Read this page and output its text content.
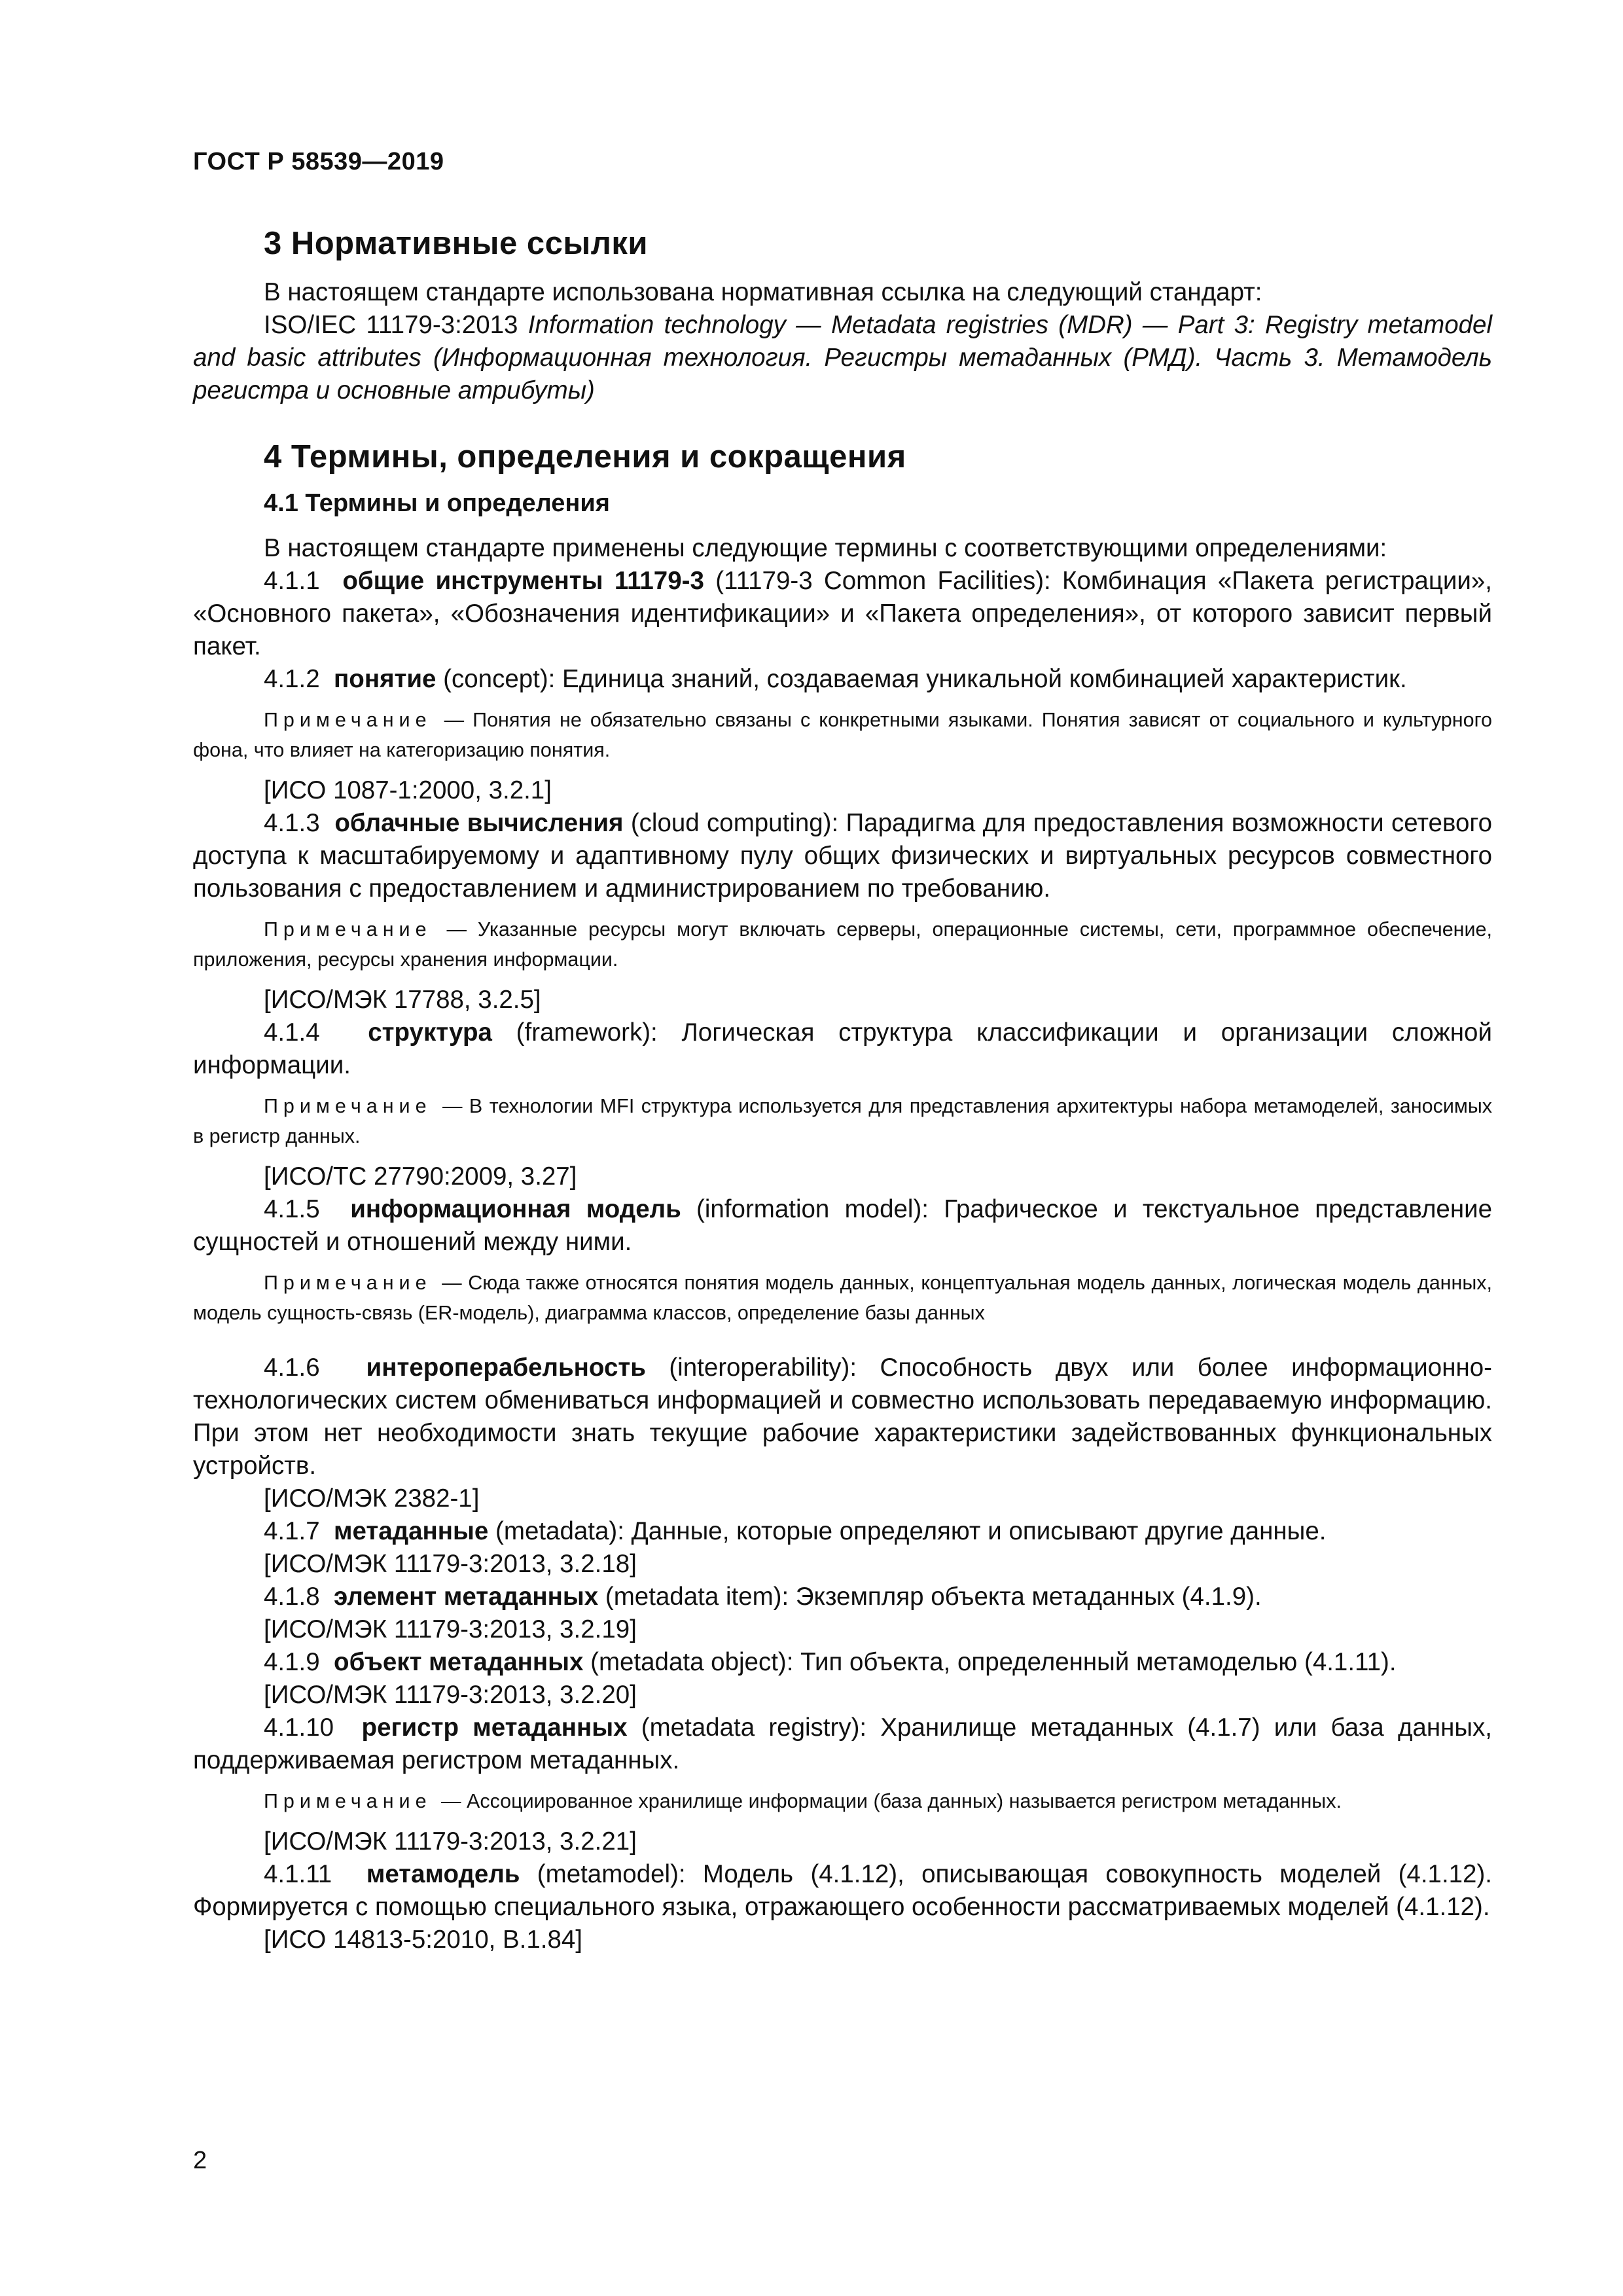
ГОСТ Р 58539—2019
3 Нормативные ссылки

В настоящем стандарте использована нормативная ссылка на следующий стандарт:

ISO/IEC 11179-3:2013 Information technology — Metadata registries (MDR) — Part 3: Registry metamodel and basic attributes (Информационная технология. Регистры метаданных (РМД). Часть 3. Метамодель регистра и основные атрибуты)

4 Термины, определения и сокращения
4.1 Термины и определения

В настоящем стандарте применены следующие термины с соответствующими определениями:

4.1.1 общие инструменты 11179-3 (11179-3 Common Facilities): Комбинация «Пакета регистрации», «Основного пакета», «Обозначения идентификации» и «Пакета определения», от которого зависит первый пакет.

4.1.2 понятие (concept): Единица знаний, создаваемая уникальной комбинацией характеристик.

Примечание — Понятия не обязательно связаны с конкретными языками. Понятия зависят от социального и культурного фона, что влияет на категоризацию понятия.

[ИСО 1087-1:2000, 3.2.1]

4.1.3 облачные вычисления (cloud computing): Парадигма для предоставления возможности сетевого доступа к масштабируемому и адаптивному пулу общих физических и виртуальных ресурсов совместного пользования с предоставлением и администрированием по требованию.

Примечание — Указанные ресурсы могут включать серверы, операционные системы, сети, программное обеспечение, приложения, ресурсы хранения информации.

[ИСО/МЭК 17788, 3.2.5]

4.1.4 структура (framework): Логическая структура классификации и организации сложной информации.

Примечание — В технологии MFI структура используется для представления архитектуры набора метамоделей, заносимых в регистр данных.

[ИСО/ТС 27790:2009, 3.27]

4.1.5 информационная модель (information model): Графическое и текстуальное представление сущностей и отношений между ними.

Примечание — Сюда также относятся понятия модель данных, концептуальная модель данных, логическая модель данных, модель сущность-связь (ER-модель), диаграмма классов, определение базы данных

4.1.6 интероперабельность (interoperability): Способность двух или более информационно-технологических систем обмениваться информацией и совместно использовать передаваемую информацию. При этом нет необходимости знать текущие рабочие характеристики задействованных функциональных устройств.

[ИСО/МЭК 2382-1]

4.1.7 метаданные (metadata): Данные, которые определяют и описывают другие данные.

[ИСО/МЭК 11179-3:2013, 3.2.18]

4.1.8 элемент метаданных (metadata item): Экземпляр объекта метаданных (4.1.9).

[ИСО/МЭК 11179-3:2013, 3.2.19]

4.1.9 объект метаданных (metadata object): Тип объекта, определенный метамоделью (4.1.11).

[ИСО/МЭК 11179-3:2013, 3.2.20]

4.1.10 регистр метаданных (metadata registry): Хранилище метаданных (4.1.7) или база данных, поддерживаемая регистром метаданных.

Примечание — Ассоциированное хранилище информации (база данных) называется регистром метаданных.

[ИСО/МЭК 11179-3:2013, 3.2.21]

4.1.11 метамодель (metamodel): Модель (4.1.12), описывающая совокупность моделей (4.1.12). Формируется с помощью специального языка, отражающего особенности рассматриваемых моделей (4.1.12).

[ИСО 14813-5:2010, В.1.84]

2
